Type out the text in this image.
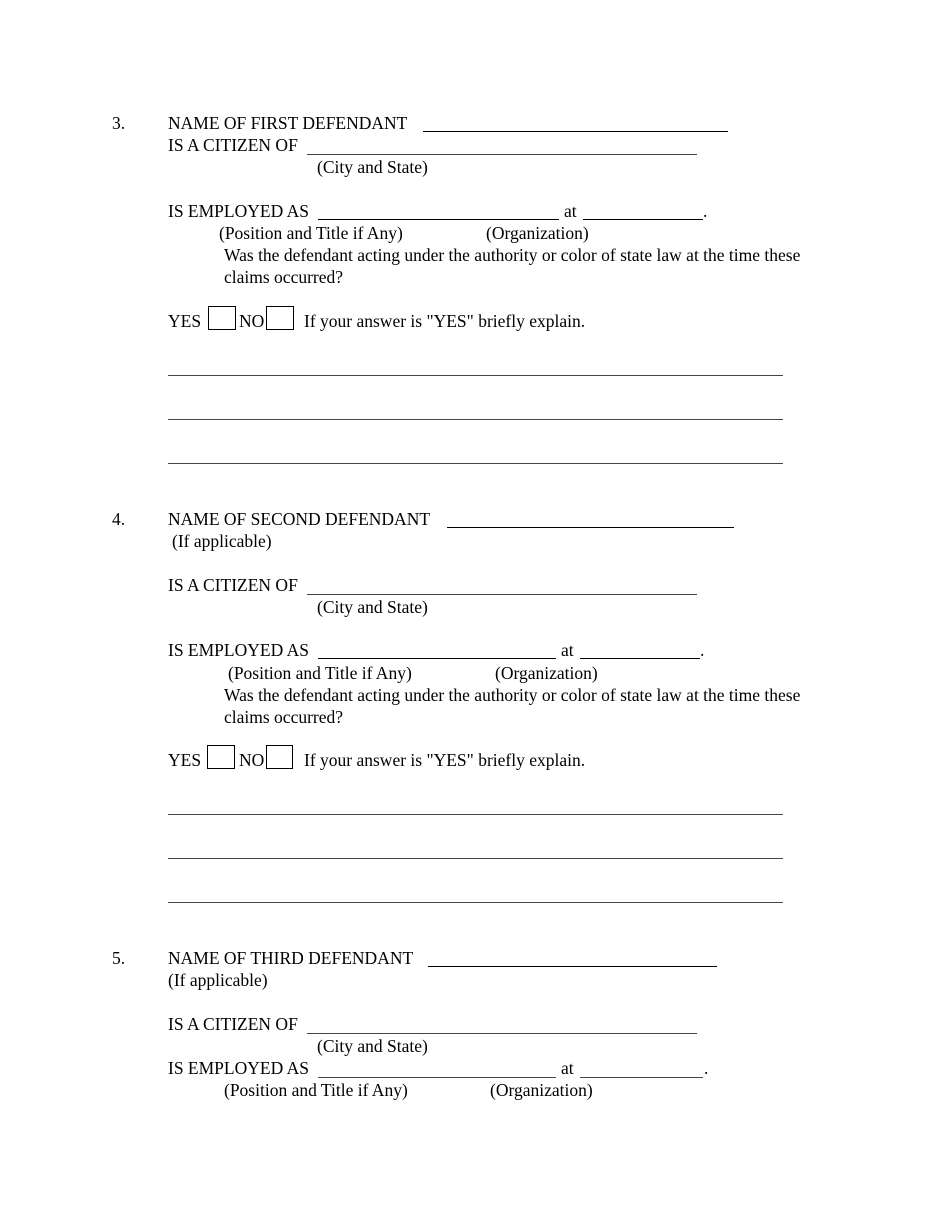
3. NAME OF FIRST DEFENDANT
IS A CITIZEN OF
(City and State)
IS EMPLOYED AS	at	.
(Position and Title if Any)	(Organization)
Was the defendant acting under the authority or color of state law at the time these
claims occurred?
YES NO If your answer is "YES" briefly explain.
4. NAME OF SECOND DEFENDANT
(If applicable)
IS A CITIZEN OF
(City and State)
IS EMPLOYED AS	at	.
(Position and Title if Any)	(Organization)
Was the defendant acting under the authority or color of state law at the time these
claims occurred?
YES NO If your answer is "YES" briefly explain.
5. NAME OF THIRD DEFENDANT
(If applicable)
IS A CITIZEN OF
(City and State)
IS EMPLOYED AS	at	.
(Position and Title if Any)	(Organization)
